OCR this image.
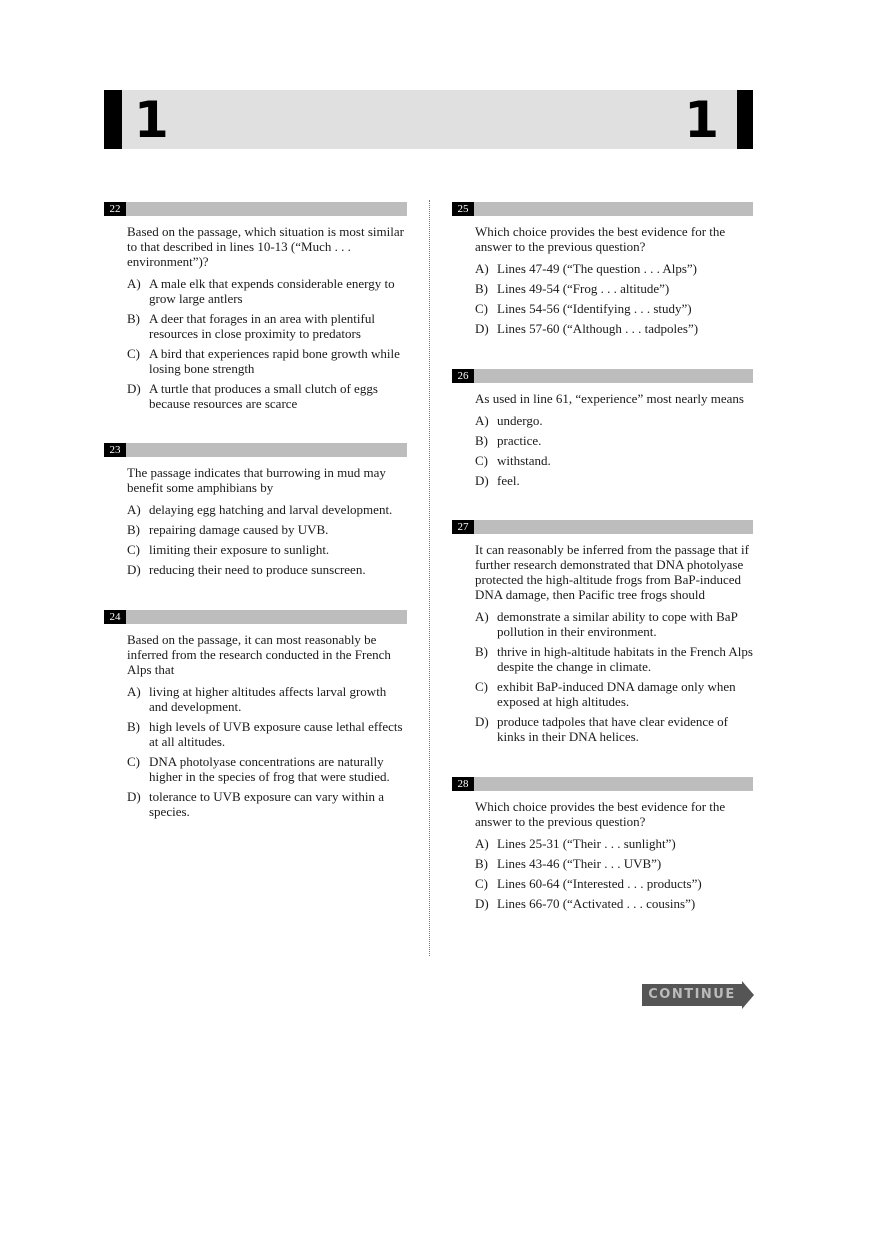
1	1
22
Based on the passage, which situation is most similar to that described in lines 10-13 (“Much . . . environment”)?
A) A male elk that expends considerable energy to grow large antlers
B) A deer that forages in an area with plentiful resources in close proximity to predators
C) A bird that experiences rapid bone growth while losing bone strength
D) A turtle that produces a small clutch of eggs because resources are scarce
23
The passage indicates that burrowing in mud may benefit some amphibians by
A) delaying egg hatching and larval development.
B) repairing damage caused by UVB.
C) limiting their exposure to sunlight.
D) reducing their need to produce sunscreen.
24
Based on the passage, it can most reasonably be inferred from the research conducted in the French Alps that
A) living at higher altitudes affects larval growth and development.
B) high levels of UVB exposure cause lethal effects at all altitudes.
C) DNA photolyase concentrations are naturally higher in the species of frog that were studied.
D) tolerance to UVB exposure can vary within a species.
25
Which choice provides the best evidence for the answer to the previous question?
A) Lines 47-49 (“The question . . . Alps”)
B) Lines 49-54 (“Frog . . . altitude”)
C) Lines 54-56 (“Identifying . . . study”)
D) Lines 57-60 (“Although . . . tadpoles”)
26
As used in line 61, “experience” most nearly means
A) undergo.
B) practice.
C) withstand.
D) feel.
27
It can reasonably be inferred from the passage that if further research demonstrated that DNA photolyase protected the high-altitude frogs from BaP-induced DNA damage, then Pacific tree frogs should
A) demonstrate a similar ability to cope with BaP pollution in their environment.
B) thrive in high-altitude habitats in the French Alps despite the change in climate.
C) exhibit BaP-induced DNA damage only when exposed at high altitudes.
D) produce tadpoles that have clear evidence of kinks in their DNA helices.
28
Which choice provides the best evidence for the answer to the previous question?
A) Lines 25-31 (“Their . . . sunlight”)
B) Lines 43-46 (“Their . . . UVB”)
C) Lines 60-64 (“Interested . . . products”)
D) Lines 66-70 (“Activated . . . cousins”)
CONTINUE
